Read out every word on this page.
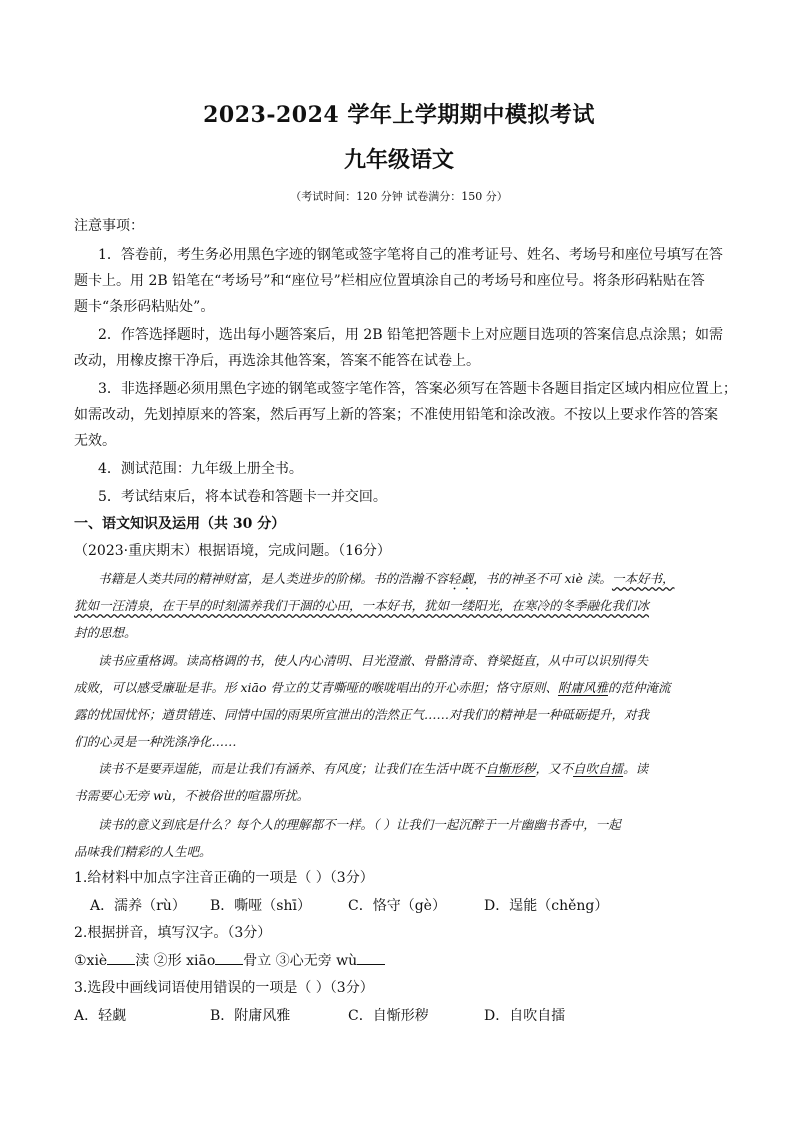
2023-2024 学年上学期期中模拟考试
九年级语文
（考试时间：120 分钟 试卷满分：150 分）
注意事项：
1．答卷前，考生务必用黑色字迹的钢笔或签字笔将自己的准考证号、姓名、考场号和座位号填写在答
题卡上。用 2B 铅笔在“考场号”和“座位号”栏相应位置填涂自己的考场号和座位号。将条形码粘贴在答
题卡“条形码粘贴处”。
2．作答选择题时，选出每小题答案后，用 2B 铅笔把答题卡上对应题目选项的答案信息点涂黑；如需
改动，用橡皮擦干净后，再选涂其他答案，答案不能答在试卷上。
3．非选择题必须用黑色字迹的钢笔或签字笔作答，答案必须写在答题卡各题目指定区域内相应位置上；
如需改动，先划掉原来的答案，然后再写上新的答案；不准使用铅笔和涂改液。不按以上要求作答的答案
无效。
4．测试范围：九年级上册全书。
5．考试结束后，将本试卷和答题卡一并交回。
一、语文知识及运用（共 30 分）
（2023·重庆期末）根据语境，完成问题。（16分）
书籍是人类共同的精神财富，是人类进步的阶梯。书的浩瀚不容轻觑，书的神圣不可 xiè 渎。一本好书，
犹如一汪清泉，在干旱的时刻濡养我们干涸的心田，一本好书，犹如一缕阳光，在寒冷的冬季融化我们冰
封的思想。
读书应重格调。读高格调的书，使人内心清明、目光澄澈、骨骼清奇、脊梁挺直，从中可以识别得失
成败，可以感受廉耻是非。形 xiāo 骨立的艾青嘶哑的喉咙唱出的开心赤胆；恪守原则、附庸风雅的范仲淹流
露的忧国忧怀；遒贯错连、同情中国的雨果所宣泄出的浩然正气……对我们的精神是一种砥砺提升，对我
们的心灵是一种洗涤净化……
读书不是要弄逞能，而是让我们有涵养、有风度；让我们在生活中既不自惭形秽，又不自吹自擂。读
书需要心无旁 wù，不被俗世的喧嚣所扰。
读书的意义到底是什么？每个人的理解都不一样。（ ）让我们一起沉醉于一片幽幽书香中，一起
品味我们精彩的人生吧。
1.给材料中加点字注音正确的一项是（ ）（3分）
A．濡养（rù） B．嘶哑（shī）	C．恪守（gè）	D．逞能（chěng）
2.根据拼音，填写汉字。（3分）
①xiè 渎 ②形 xiāo 骨立 ③心无旁 wù
3.选段中画线词语使用错误的一项是（ ）（3分）
A．轻觑	B．附庸风雅	C．自惭形秽	D．自吹自擂
